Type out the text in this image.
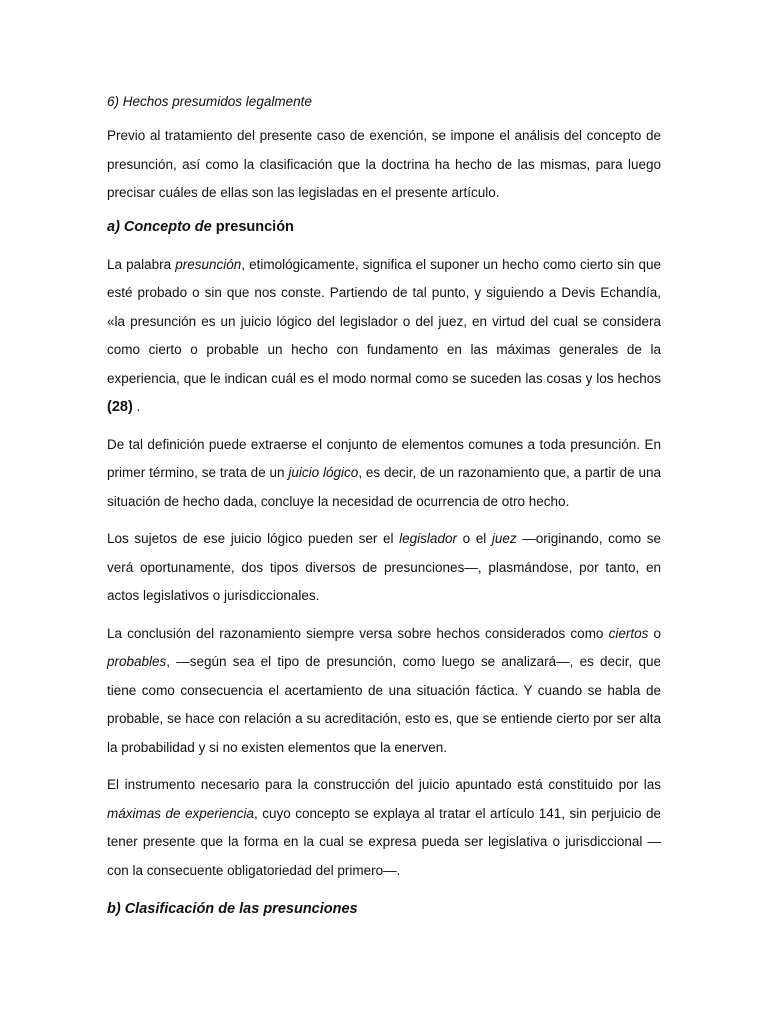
6) Hechos presumidos legalmente

Previo al tratamiento del presente caso de exención, se impone el análisis del concepto de presunción, así como la clasificación que la doctrina ha hecho de las mismas, para luego precisar cuáles de ellas son las legisladas en el presente artículo.

a) Concepto de presunción

La palabra presunción, etimológicamente, significa el suponer un hecho como cierto sin que esté probado o sin que nos conste. Partiendo de tal punto, y siguiendo a Devis Echandía, «la presunción es un juicio lógico del legislador o del juez, en virtud del cual se considera como cierto o probable un hecho con fundamento en las máximas generales de la experiencia, que le indican cuál es el modo normal como se suceden las cosas y los hechos (28) .

De tal definición puede extraerse el conjunto de elementos comunes a toda presunción. En primer término, se trata de un juicio lógico, es decir, de un razonamiento que, a partir de una situación de hecho dada, concluye la necesidad de ocurrencia de otro hecho.

Los sujetos de ese juicio lógico pueden ser el legislador o el juez —originando, como se verá oportunamente, dos tipos diversos de presunciones—, plasmándose, por tanto, en actos legislativos o jurisdiccionales.

La conclusión del razonamiento siempre versa sobre hechos considerados como ciertos o probables, —según sea el tipo de presunción, como luego se analizará—, es decir, que tiene como consecuencia el acertamiento de una situación fáctica. Y cuando se habla de probable, se hace con relación a su acreditación, esto es, que se entiende cierto por ser alta la probabilidad y si no existen elementos que la enerven.

El instrumento necesario para la construcción del juicio apuntado está constituido por las máximas de experiencia, cuyo concepto se explaya al tratar el artículo 141, sin perjuicio de tener presente que la forma en la cual se expresa pueda ser legislativa o jurisdiccional —con la consecuente obligatoriedad del primero—.

b) Clasificación de las presunciones
